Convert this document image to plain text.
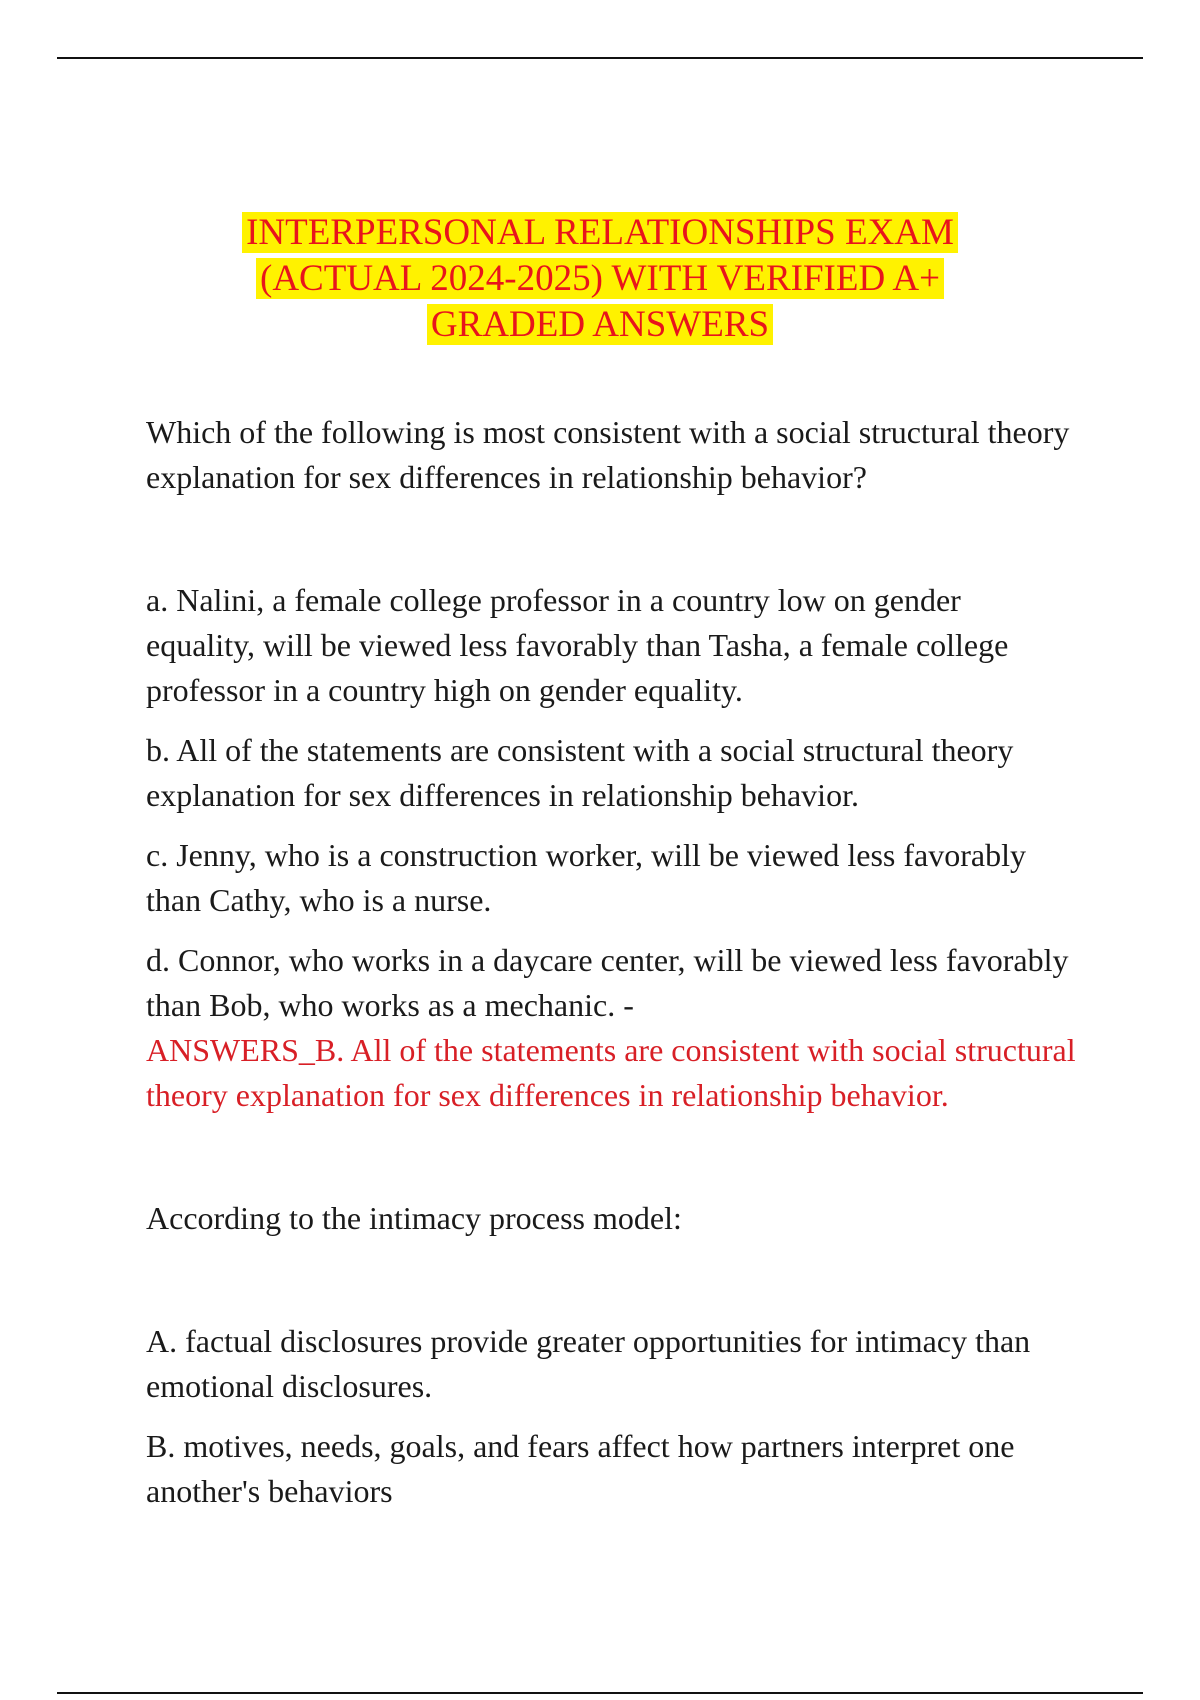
INTERPERSONAL RELATIONSHIPS EXAM
(ACTUAL 2024-2025) WITH VERIFIED A+
GRADED ANSWERS

Which of the following is most consistent with a social structural theory explanation for sex differences in relationship behavior?

a. Nalini, a female college professor in a country low on gender equality, will be viewed less favorably than Tasha, a female college professor in a country high on gender equality.

b. All of the statements are consistent with a social structural theory explanation for sex differences in relationship behavior.

c. Jenny, who is a construction worker, will be viewed less favorably than Cathy, who is a nurse.

d. Connor, who works in a daycare center, will be viewed less favorably than Bob, who works as a mechanic. -

ANSWERS_B. All of the statements are consistent with social structural theory explanation for sex differences in relationship behavior.

According to the intimacy process model:

A. factual disclosures provide greater opportunities for intimacy than emotional disclosures.

B. motives, needs, goals, and fears affect how partners interpret one another's behaviors
